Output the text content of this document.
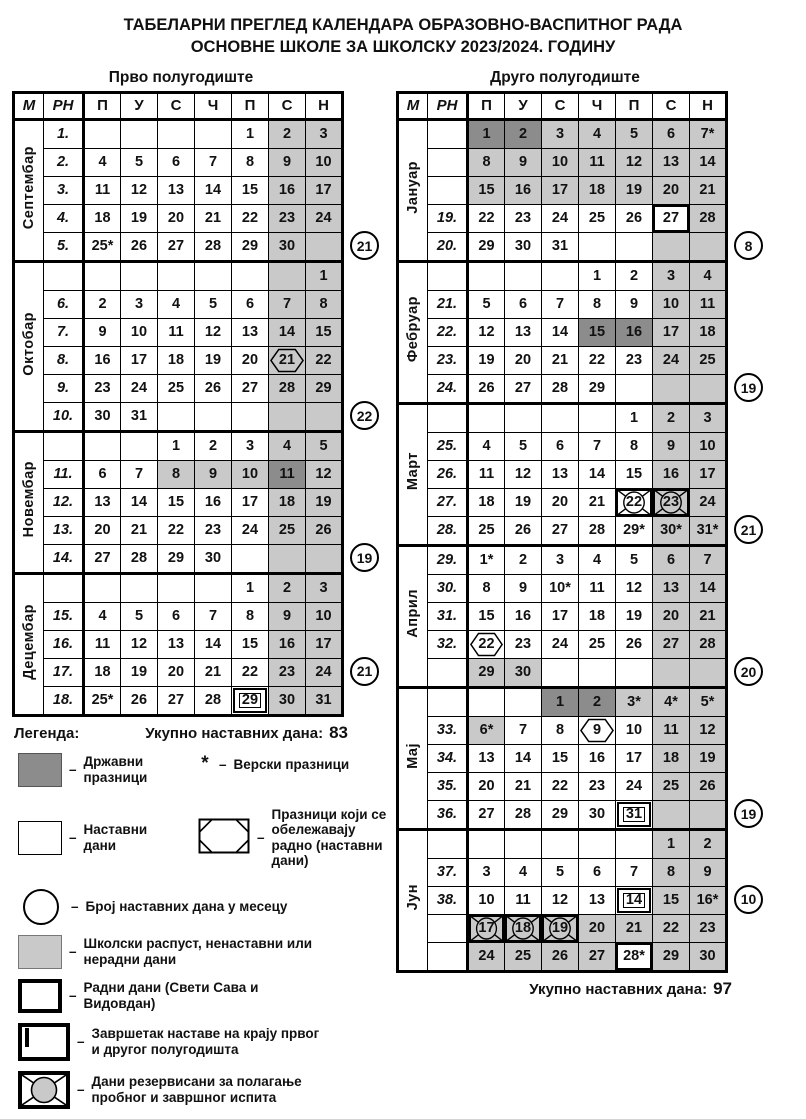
ТАБЕЛАРНИ ПРЕГЛЕД КАЛЕНДАРА ОБРАЗОВНО-ВАСПИТНОГ РАДА
ОСНОВНЕ ШКОЛЕ ЗА ШКОЛСКУ 2023/2024. ГОДИНУ
Прво полугодиште
М	РН	П	У	С	Ч	П	С	Н
Септембар	1.					1	2	3

	2.	4	5	6	7	8	9	10

	3.	11	12	13	14	15	16	17

	4.	18	19	20	21	22	23	24

	5.	25*	26	27	28	29	30	

Октобар								1

	6.	2	3	4	5	6	7	8

	7.	9	10	11	12	13	14	15

	8.	16	17	18	19	20	21	22

	9.	23	24	25	26	27	28	29

	10.	30	31					

Новембар				1	2	3	4	5

	11.	6	7	8	9	10	11	12

	12.	13	14	15	16	17	18	19

	13.	20	21	22	23	24	25	26

	14.	27	28	29	30			

Децембар						1	2	3

	15.	4	5	6	7	8	9	10

	16.	11	12	13	14	15	16	17

	17.	18	19	20	21	22	23	24

	18.	25*	26	27	28	29	30	31
21
22
19
21
Легенда:	Укупно наставних дана: 83
–
Државни празници
* – Верски празници
–
Наставни дани
–
Празници који се обележавају радно (наставни дани)
– Број наставних дана у месецу
–
Школски распуст, ненаставни или нерадни дани
–
Радни дани (Свети Сава и Видовдан)
–
Завршетак наставе на крају првог и другог полугодишта
–
Дани резервисани за полагање пробног и завршног испита
Друго полугодиште
М	РН	П	У	С	Ч	П	С	Н
Јануар		1	2	3	4	5	6	7*

		8	9	10	11	12	13	14

		15	16	17	18	19	20	21

	19.	22	23	24	25	26	27	28

	20.	29	30	31				

Фебруар					1	2	3	4

	21.	5	6	7	8	9	10	11

	22.	12	13	14	15	16	17	18

	23.	19	20	21	22	23	24	25

	24.	26	27	28	29			

Март						1	2	3

	25.	4	5	6	7	8	9	10

	26.	11	12	13	14	15	16	17

	27.	18	19	20	21	22	23	24

	28.	25	26	27	28	29*	30*	31*

Април	29.	1*	2	3	4	5	6	7

	30.	8	9	10*	11	12	13	14

	31.	15	16	17	18	19	20	21

	32.	22	23	24	25	26	27	28

		29	30					

Мај				1	2	3*	4*	5*

	33.	6*	7	8	9	10	11	12

	34.	13	14	15	16	17	18	19

	35.	20	21	22	23	24	25	26

	36.	27	28	29	30	31		

Јун							1	2

	37.	3	4	5	6	7	8	9

	38.	10	11	12	13	14	15	16*

		17	18	19	20	21	22	23

		24	25	26	27	28*	29	30
8
19
21
20
19
10
Укупно наставних дана: 97
